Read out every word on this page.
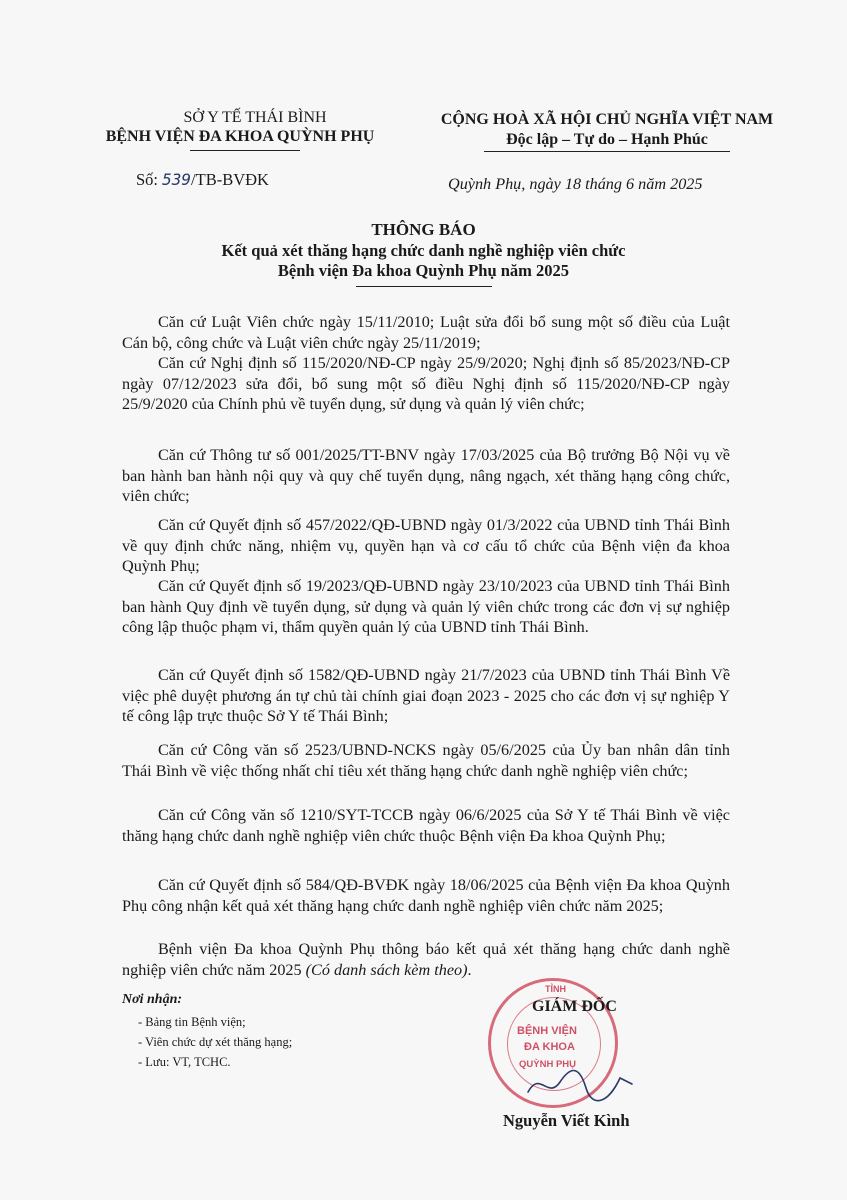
SỞ Y TẾ THÁI BÌNH
BỆNH VIỆN ĐA KHOA QUỲNH PHỤ
Số: 539/TB-BVĐK
CỘNG HOÀ XÃ HỘI CHỦ NGHĨA VIỆT NAM
Độc lập – Tự do – Hạnh Phúc
Quỳnh Phụ, ngày 18 tháng 6 năm 2025
THÔNG BÁO
Kết quả xét thăng hạng chức danh nghề nghiệp viên chức
Bệnh viện Đa khoa Quỳnh Phụ năm 2025
Căn cứ Luật Viên chức ngày 15/11/2010; Luật sửa đổi bổ sung một số điều của Luật Cán bộ, công chức và Luật viên chức ngày 25/11/2019;
Căn cứ Nghị định số 115/2020/NĐ-CP ngày 25/9/2020; Nghị định số 85/2023/NĐ-CP ngày 07/12/2023 sửa đổi, bổ sung một số điều Nghị định số 115/2020/NĐ-CP ngày 25/9/2020 của Chính phủ về tuyển dụng, sử dụng và quản lý viên chức;
Căn cứ Thông tư số 001/2025/TT-BNV ngày 17/03/2025 của Bộ trưởng Bộ Nội vụ về ban hành ban hành nội quy và quy chế tuyển dụng, nâng ngạch, xét thăng hạng công chức, viên chức;
Căn cứ Quyết định số 457/2022/QĐ-UBND ngày 01/3/2022 của UBND tỉnh Thái Bình về quy định chức năng, nhiệm vụ, quyền hạn và cơ cấu tổ chức của Bệnh viện đa khoa Quỳnh Phụ;
Căn cứ Quyết định số 19/2023/QĐ-UBND ngày 23/10/2023 của UBND tỉnh Thái Bình ban hành Quy định về tuyển dụng, sử dụng và quản lý viên chức trong các đơn vị sự nghiệp công lập thuộc phạm vi, thẩm quyền quản lý của UBND tỉnh Thái Bình.
Căn cứ Quyết định số 1582/QĐ-UBND ngày 21/7/2023 của UBND tỉnh Thái Bình Về việc phê duyệt phương án tự chủ tài chính giai đoạn 2023 - 2025 cho các đơn vị sự nghiệp Y tế công lập trực thuộc Sở Y tế Thái Bình;
Căn cứ Công văn số 2523/UBND-NCKS ngày 05/6/2025 của Ủy ban nhân dân tỉnh Thái Bình về việc thống nhất chỉ tiêu xét thăng hạng chức danh nghề nghiệp viên chức;
Căn cứ Công văn số 1210/SYT-TCCB ngày 06/6/2025 của Sở Y tế Thái Bình về việc thăng hạng chức danh nghề nghiệp viên chức thuộc Bệnh viện Đa khoa Quỳnh Phụ;
Căn cứ Quyết định số 584/QĐ-BVĐK ngày 18/06/2025 của Bệnh viện Đa khoa Quỳnh Phụ công nhận kết quả xét thăng hạng chức danh nghề nghiệp viên chức năm 2025;
Bệnh viện Đa khoa Quỳnh Phụ thông báo kết quả xét thăng hạng chức danh nghề nghiệp viên chức năm 2025 (Có danh sách kèm theo).
Nơi nhận:
- Bảng tin Bệnh viện;
- Viên chức dự xét thăng hạng;
- Lưu: VT, TCHC.
TỈNH
BỆNH VIỆN
ĐA KHOA
QUỲNH PHỤ
GIÁM ĐỐC
Nguyễn Viết Kình
